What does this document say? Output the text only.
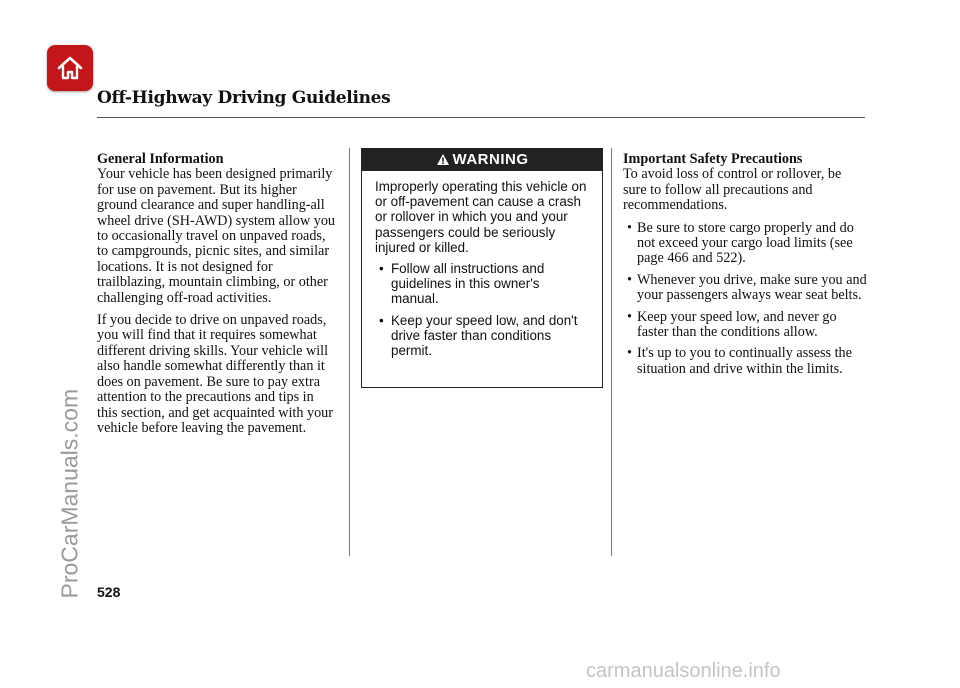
Off-Highway Driving Guidelines
General Information

Your vehicle has been designed primarily for use on pavement. But its higher ground clearance and super handling-all wheel drive (SH-AWD) system allow you to occasionally travel on unpaved roads, to campgrounds, picnic sites, and similar locations. It is not designed for trailblazing, mountain climbing, or other challenging off-road activities.

If you decide to drive on unpaved roads, you will find that it requires somewhat different driving skills. Your vehicle will also handle somewhat differently than it does on pavement. Be sure to pay extra attention to the precautions and tips in this section, and get acquainted with your vehicle before leaving the pavement.

WARNING

Improperly operating this vehicle on or off-pavement can cause a crash or rollover in which you and your passengers could be seriously injured or killed.

• Follow all instructions and guidelines in this owner's manual.
• Keep your speed low, and don't drive faster than conditions permit.
Important Safety Precautions

To avoid loss of control or rollover, be sure to follow all precautions and recommendations.

• Be sure to store cargo properly and do not exceed your cargo load limits (see page 466 and 522).
• Whenever you drive, make sure you and your passengers always wear seat belts.
• Keep your speed low, and never go faster than the conditions allow.
• It's up to you to continually assess the situation and drive within the limits.
528
ProCarManuals.com
carmanualsonline.info
